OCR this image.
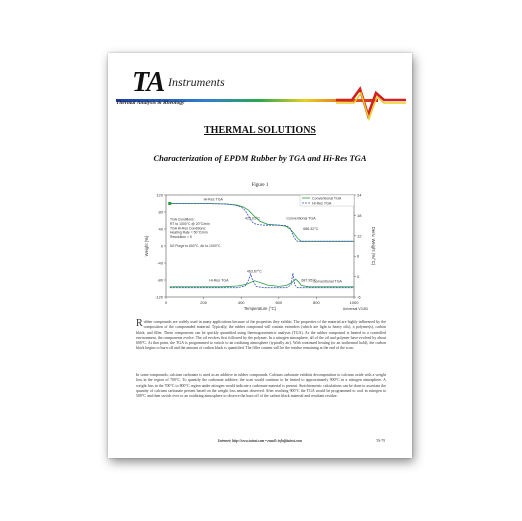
TA Instruments
Thermal Analysis & Rheology
THERMAL SOLUTIONS
Characterization of EPDM Rubber by TGA and Hi-Res TGA
Figure 1
0	200	400	600	800	1000
120
80
40
0
-40
-80
-120
24
18
12
6
0
-6
Temperature (°C)
Weight (%)	Deriv. Weight (%/°C)
Universal V3.8D
Conventional TGA
Hi-Res TGA
Hi-Res TGA
Conventional TGA
423.01°C
686.32°C
Hi-Res TGA
463.67°C
687.95°C
Conventional TGA
TGA Conditions:
RT to 1000°C @ 20°C/min
TGA Hi-Res Conditions:
Heating Rate = 50°C/min
Resolution = 5
N2 Purge to 600°C, Air to 1000°C
Rubber compounds are widely used in many applications because of the properties they exhibit. The properties of the material are highly influenced by the composition of the compounded material. Typically, the rubber compound will contain extenders (which are light to heavy oils), a polymer(s), carbon black, and filler. These components can be quickly quantified using thermogravimetric analysis (TGA). As the rubber compound is heated in a controlled environment, the components evolve. The oil evolves first followed by the polymer. In a nitrogen atmosphere, all of the oil and polymer have evolved by about 600°C. At that point, the TGA is programmed to switch to an oxidizing atmosphere (typically air). With continued heating (or an isothermal hold), the carbon black begins to burn off and the amount of carbon black is quantified. The filler content will be the residue remaining at the end of the scan.
In some compounds, calcium carbonate is used as an additive in rubber compounds. Calcium carbonate exhibits decomposition to calcium oxide with a weight loss in the region of 700°C. To quantify the carbonate additive, the scan would continue to be heated to approximately 900°C in a nitrogen atmosphere. A weight loss in the 700°C to 800°C region under nitrogen would indicate a carbonate material is present. Stoichiometric calculations can be done to ascertain the quantity of calcium carbonate present based on the weight loss amount observed. After reaching 900°C the TGA would be programmed to cool in nitrogen to 500°C and then switch over to an oxidizing atmosphere to observe the burn off of the carbon black material and resultant residue.
Internet: http://www.tainst.com • email: info@tainst.com	TS-79
